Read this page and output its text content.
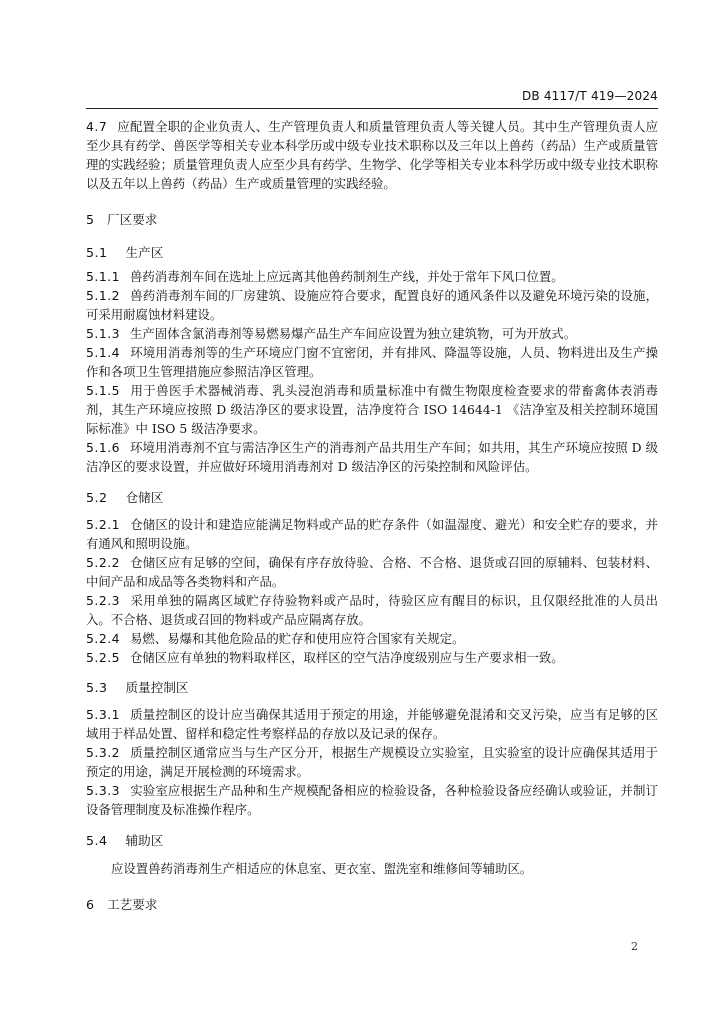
DB 4117/T 419—2024

4.7 应配置全职的企业负责人、生产管理负责人和质量管理负责人等关键人员。其中生产管理负责人应至少具有药学、兽医学等相关专业本科学历或中级专业技术职称以及三年以上兽药（药品）生产或质量管理的实践经验；质量管理负责人应至少具有药学、生物学、化学等相关专业本科学历或中级专业技术职称以及五年以上兽药（药品）生产或质量管理的实践经验。

5 厂区要求
5.1 生产区

5.1.1 兽药消毒剂车间在选址上应远离其他兽药制剂生产线，并处于常年下风口位置。

5.1.2 兽药消毒剂车间的厂房建筑、设施应符合要求，配置良好的通风条件以及避免环境污染的设施，可采用耐腐蚀材料建设。

5.1.3 生产固体含氯消毒剂等易燃易爆产品生产车间应设置为独立建筑物，可为开放式。

5.1.4 环境用消毒剂等的生产环境应门窗不宜密闭，并有排风、降温等设施，人员、物料进出及生产操作和各项卫生管理措施应参照洁净区管理。

5.1.5 用于兽医手术器械消毒、乳头浸泡消毒和质量标准中有微生物限度检查要求的带畜禽体表消毒剂，其生产环境应按照 D 级洁净区的要求设置，洁净度符合 ISO 14644-1 《洁净室及相关控制环境国际标准》中 ISO 5 级洁净要求。

5.1.6 环境用消毒剂不宜与需洁净区生产的消毒剂产品共用生产车间；如共用，其生产环境应按照 D 级洁净区的要求设置，并应做好环境用消毒剂对 D 级洁净区的污染控制和风险评估。

5.2 仓储区

5.2.1 仓储区的设计和建造应能满足物料或产品的贮存条件（如温湿度、避光）和安全贮存的要求，并有通风和照明设施。

5.2.2 仓储区应有足够的空间，确保有序存放待验、合格、不合格、退货或召回的原辅料、包装材料、中间产品和成品等各类物料和产品。

5.2.3 采用单独的隔离区域贮存待验物料或产品时，待验区应有醒目的标识，且仅限经批准的人员出入。不合格、退货或召回的物料或产品应隔离存放。

5.2.4 易燃、易爆和其他危险品的贮存和使用应符合国家有关规定。

5.2.5 仓储区应有单独的物料取样区，取样区的空气洁净度级别应与生产要求相一致。

5.3 质量控制区

5.3.1 质量控制区的设计应当确保其适用于预定的用途，并能够避免混淆和交叉污染，应当有足够的区域用于样品处置、留样和稳定性考察样品的存放以及记录的保存。

5.3.2 质量控制区通常应当与生产区分开，根据生产规模设立实验室，且实验室的设计应确保其适用于预定的用途，满足开展检测的环境需求。

5.3.3 实验室应根据生产品种和生产规模配备相应的检验设备，各种检验设备应经确认或验证，并制订设备管理制度及标准操作程序。

5.4 辅助区

应设置兽药消毒剂生产相适应的休息室、更衣室、盥洗室和维修间等辅助区。

6 工艺要求
2
